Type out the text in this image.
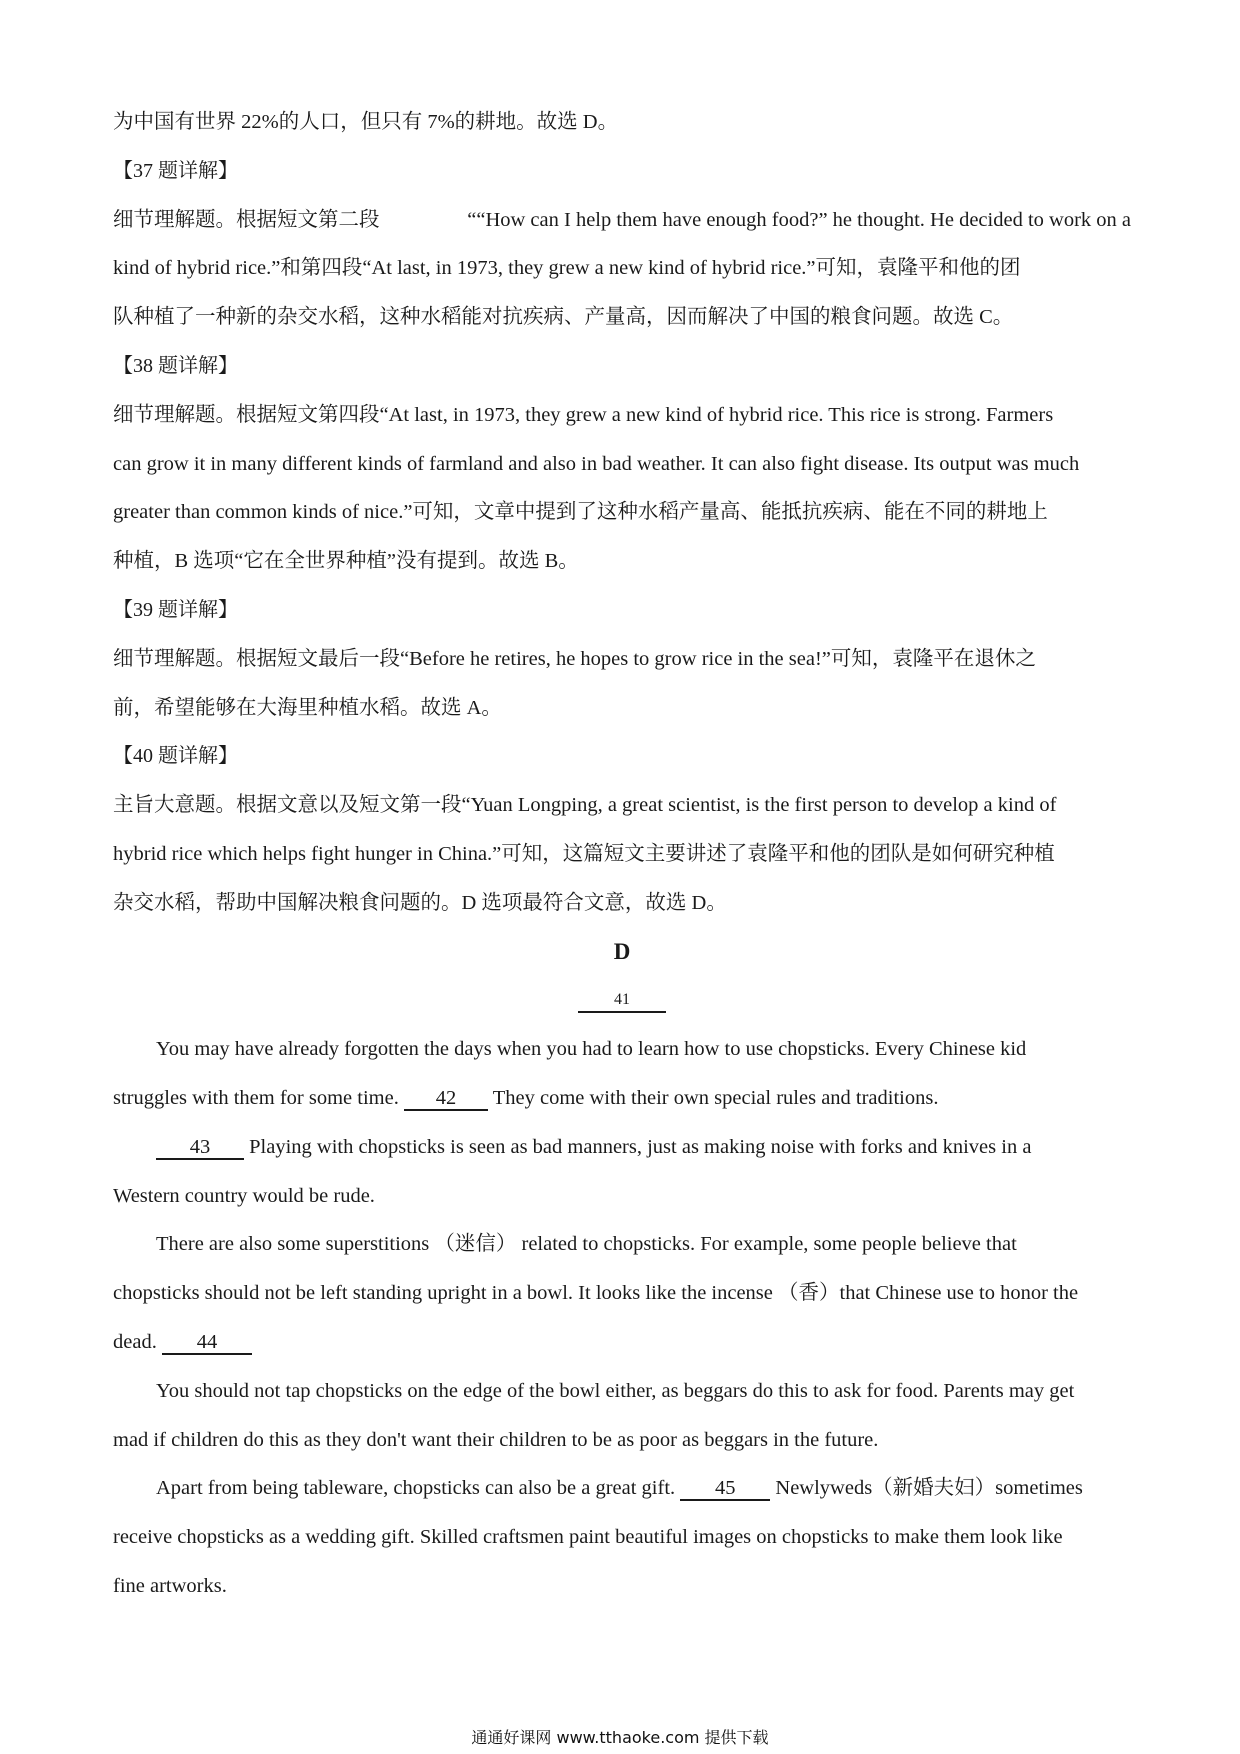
为中国有世界 22%的人口，但只有 7%的耕地。故选 D。
【37 题详解】
细节理解题。根据短文第二段	““How can I help them have enough food?” he thought. He decided to work on a
kind of hybrid rice.”和第四段“At last, in 1973, they grew a new kind of hybrid rice.”可知，袁隆平和他的团
队种植了一种新的杂交水稻，这种水稻能对抗疾病、产量高，因而解决了中国的粮食问题。故选 C。
【38 题详解】
细节理解题。根据短文第四段“At last, in 1973, they grew a new kind of hybrid rice. This rice is strong. Farmers
can grow it in many different kinds of farmland and also in bad weather. It can also fight disease. Its output was much
greater than common kinds of nice.”可知，文章中提到了这种水稻产量高、能抵抗疾病、能在不同的耕地上
种植，B 选项“它在全世界种植”没有提到。故选 B。
【39 题详解】
细节理解题。根据短文最后一段“Before he retires, he hopes to grow rice in the sea!”可知，袁隆平在退休之
前，希望能够在大海里种植水稻。故选 A。
【40 题详解】
主旨大意题。根据文意以及短文第一段“Yuan Longping, a great scientist, is the first person to develop a kind of
hybrid rice which helps fight hunger in China.”可知，这篇短文主要讲述了袁隆平和他的团队是如何研究种植
杂交水稻，帮助中国解决粮食问题的。D 选项最符合文意，故选 D。
D
41
You may have already forgotten the days when you had to learn how to use chopsticks. Every Chinese kid
struggles with them for some time. 42 They come with their own special rules and traditions.
43 Playing with chopsticks is seen as bad manners, just as making noise with forks and knives in a
Western country would be rude.
There are also some superstitions （迷信） related to chopsticks. For example, some people believe that
chopsticks should not be left standing upright in a bowl. It looks like the incense （香）that Chinese use to honor the
dead. 44
You should not tap chopsticks on the edge of the bowl either, as beggars do this to ask for food. Parents may get
mad if children do this as they don't want their children to be as poor as beggars in the future.
Apart from being tableware, chopsticks can also be a great gift. 45 Newlyweds（新婚夫妇）sometimes
receive chopsticks as a wedding gift. Skilled craftsmen paint beautiful images on chopsticks to make them look like
fine artworks.
通通好课网 www.tthaoke.com 提供下载
